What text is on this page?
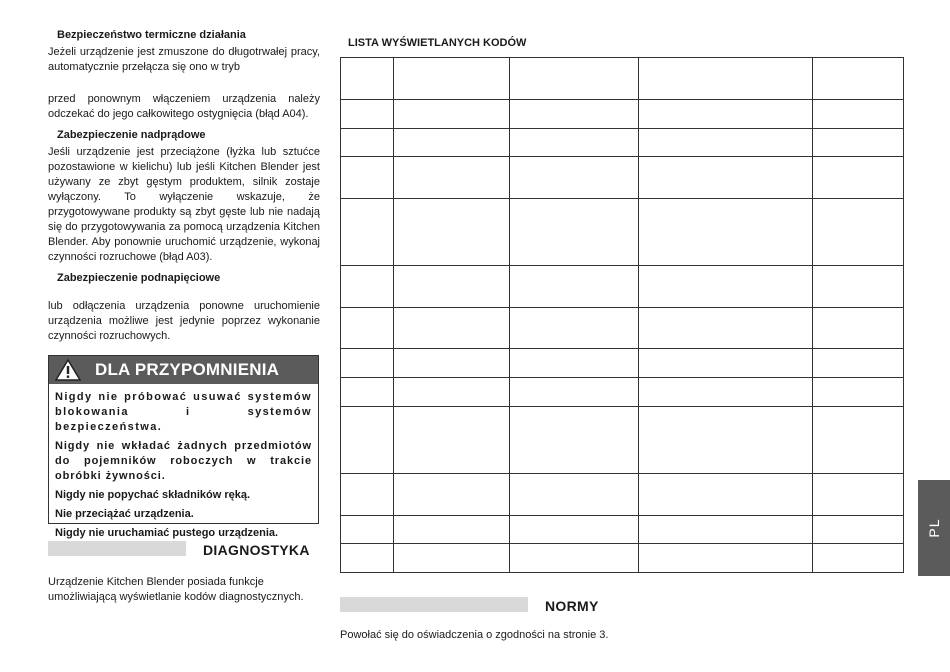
Bezpieczeństwo termiczne działania

Jeżeli urządzenie jest zmuszone do długotrwałej pracy, automatycznie przełącza się ono w tryb

przed ponownym włączeniem urządzenia należy odczekać do jego całkowitego ostygnięcia (błąd A04).

Zabezpieczenie nadprądowe

Jeśli urządzenie jest przeciążone (łyżka lub sztućce pozostawione w kielichu) lub jeśli Kitchen Blender jest używany ze zbyt gęstym produktem, silnik zostaje wyłączony. To wyłączenie wskazuje, że przygotowywane produkty są zbyt gęste lub nie nadają się do przygotowywania za pomocą urządzenia Kitchen Blender. Aby ponownie uruchomić urządzenie, wykonaj czynności rozruchowe (błąd A03).

Zabezpieczenie podnapięciowe

lub odłączenia urządzenia ponowne uruchomienie urządzenia możliwe jest jedynie poprzez wykonanie czynności rozruchowych.

DLA PRZYPOMNIENIA

Nigdy nie próbować usuwać systemów blokowania i systemów bezpieczeństwa.

Nigdy nie wkładać żadnych przedmiotów do pojemników roboczych w trakcie obróbki żywności.

Nigdy nie popychać składników ręką.

Nie przeciążać urządzenia.

Nigdy nie uruchamiać pustego urządzenia.

DIAGNOSTYKA
Urządzenie Kitchen Blender posiada funkcje umożliwiającą wyświetlanie kodów diagnostycznych.
LISTA WYŚWIETLANYCH KODÓW

NORMY
Powołać się do oświadczenia o zgodności na stronie 3.
PL
